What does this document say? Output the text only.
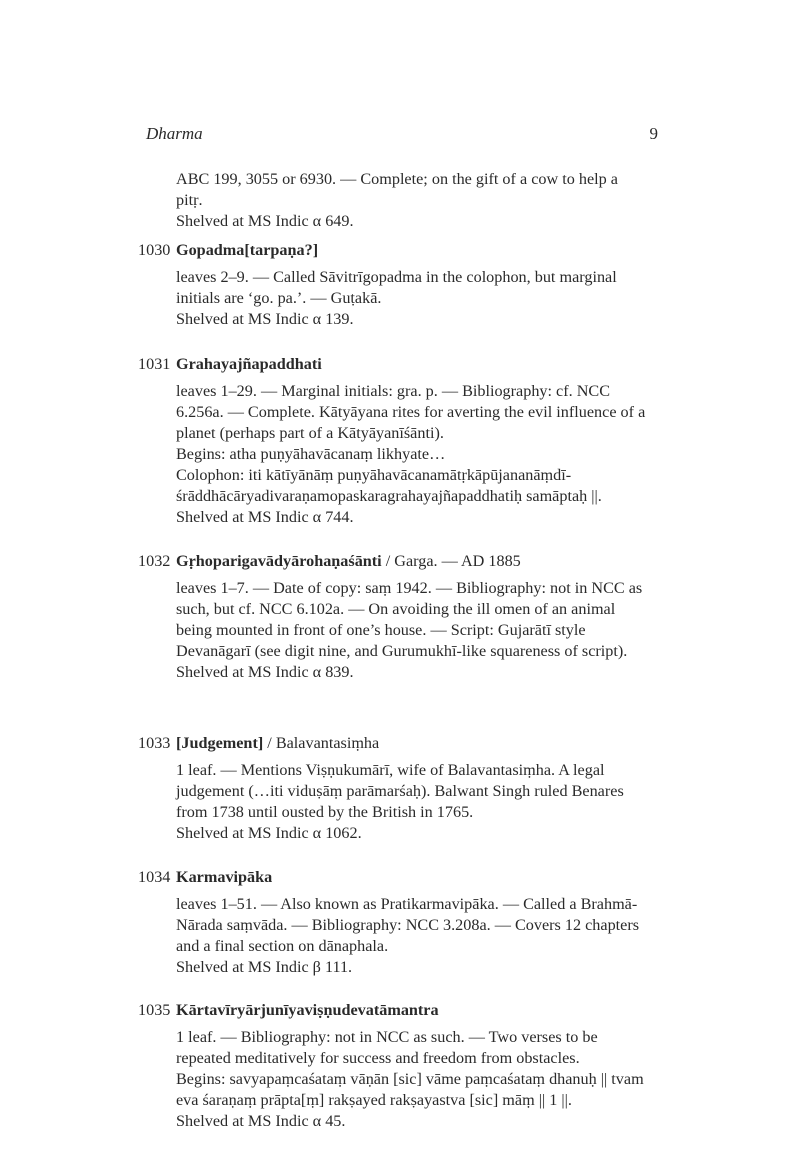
Dharma	9

ABC 199, 3055 or 6930. — Complete; on the gift of a cow to help a pitṛ.

Shelved at MS Indic α 649.

1030 Gopadma[tarpaṇa?]

leaves 2–9. — Called Sāvitrīgopadma in the colophon, but marginal initials are ‘go. pa.’. — Guṭakā.

Shelved at MS Indic α 139.

1031 Grahayajñapaddhati

leaves 1–29. — Marginal initials: gra. p. — Bibliography: cf. NCC 6.256a. — Complete. Kātyāyana rites for averting the evil influence of a planet (perhaps part of a Kātyāyanīśānti).

Begins: atha puṇyāhavācanaṃ likhyate…

Colophon: iti kātīyānāṃ puṇyāhavācanamātṛkāpūjananāṃdī-śrāddhācāryadivaraṇamopaskaragrahayajñapaddhatiḥ samāptaḥ ||.

Shelved at MS Indic α 744.

1032 Gṛhoparigavādyārohaṇaśānti / Garga. — AD 1885

leaves 1–7. — Date of copy: saṃ 1942. — Bibliography: not in NCC as such, but cf. NCC 6.102a. — On avoiding the ill omen of an animal being mounted in front of one’s house. — Script: Gujarātī style Devanāgarī (see digit nine, and Gurumukhī-like squareness of script).

Shelved at MS Indic α 839.

1033 [Judgement] / Balavantasiṃha

1 leaf. — Mentions Viṣṇukumārī, wife of Balavantasiṃha. A legal judgement (…iti viduṣāṃ parāmarśaḥ). Balwant Singh ruled Benares from 1738 until ousted by the British in 1765.

Shelved at MS Indic α 1062.

1034 Karmavipāka

leaves 1–51. — Also known as Pratikarmavipāka. — Called a Brahmā-Nārada saṃvāda. — Bibliography: NCC 3.208a. — Covers 12 chapters and a final section on dānaphala.

Shelved at MS Indic β 111.

1035 Kārtavīryārjunīyaviṣṇudevatāmantra

1 leaf. — Bibliography: not in NCC as such. — Two verses to be repeated meditatively for success and freedom from obstacles.

Begins: savyapaṃcaśataṃ vāṇān [sic] vāme paṃcaśataṃ dhanuḥ || tvam eva śaraṇaṃ prāpta[ṃ] rakṣayed rakṣayastva [sic] māṃ || 1 ||.

Shelved at MS Indic α 45.
